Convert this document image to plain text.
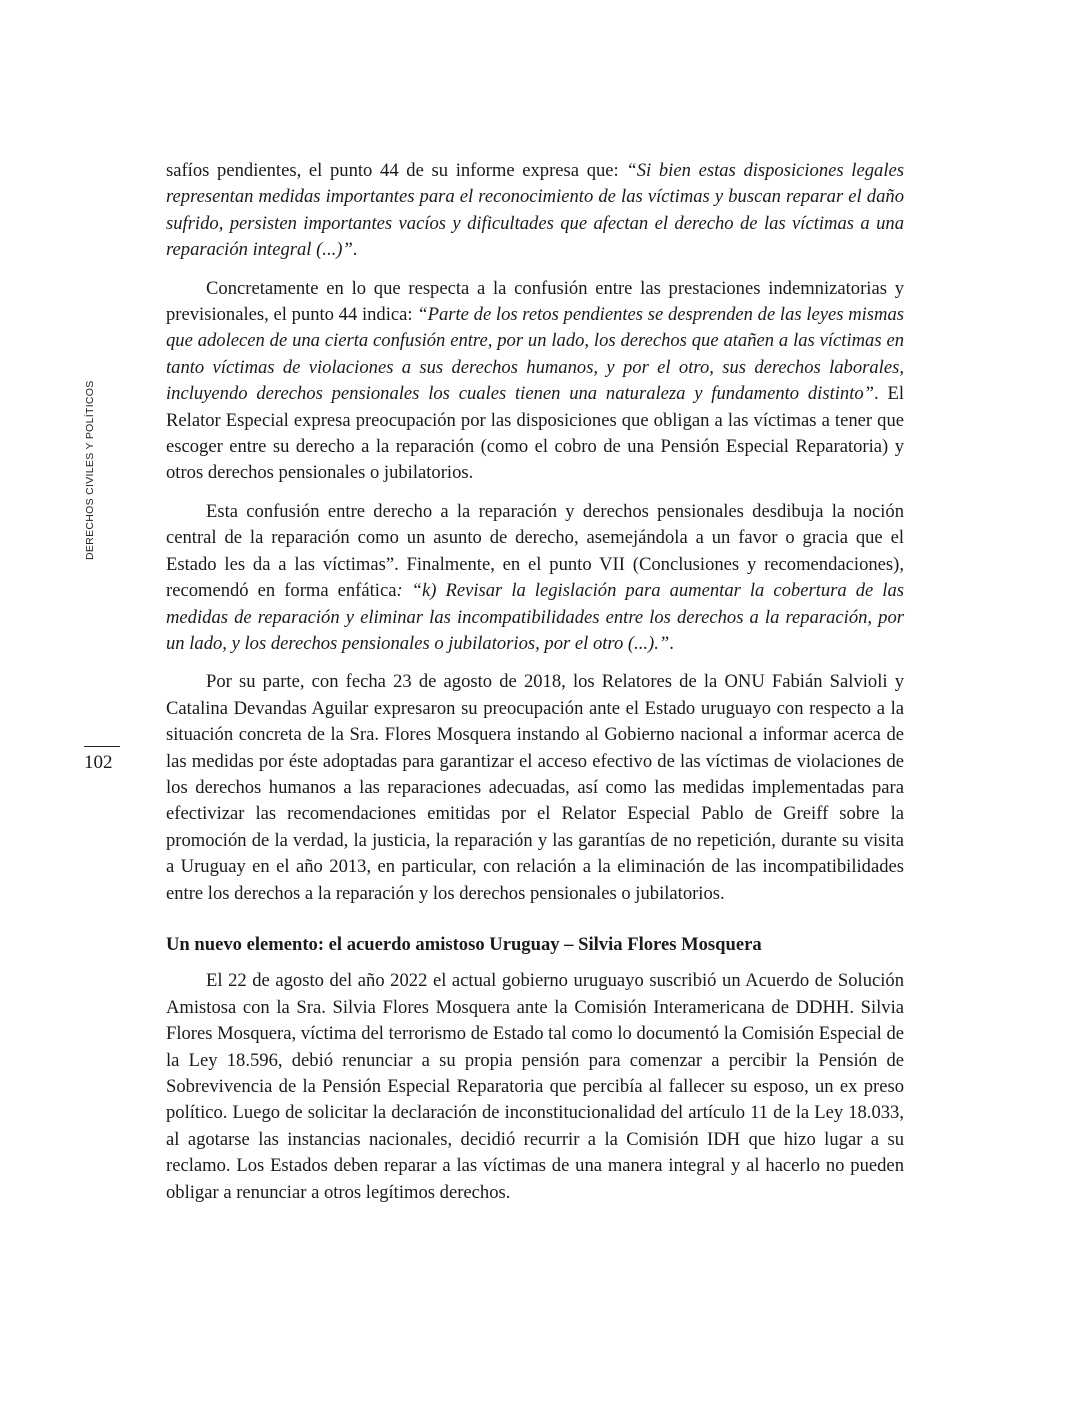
DERECHOS CIVILES Y POLÍTICOS
102

safíos pendientes, el punto 44 de su informe expresa que: “Si bien estas disposiciones legales representan medidas importantes para el reconocimiento de las víctimas y buscan reparar el daño sufrido, persisten importantes vacíos y dificultades que afectan el derecho de las víctimas a una reparación integral (...)”.

Concretamente en lo que respecta a la confusión entre las prestaciones indemnizatorias y previsionales, el punto 44 indica: “Parte de los retos pendientes se desprenden de las leyes mismas que adolecen de una cierta confusión entre, por un lado, los derechos que atañen a las víctimas en tanto víctimas de violaciones a sus derechos humanos, y por el otro, sus derechos laborales, incluyendo derechos pensionales los cuales tienen una naturaleza y fundamento distinto”. El Relator Especial expresa preocupación por las disposiciones que obligan a las víctimas a tener que escoger entre su derecho a la reparación (como el cobro de una Pensión Especial Reparatoria) y otros derechos pensionales o jubilatorios.

Esta confusión entre derecho a la reparación y derechos pensionales desdibuja la noción central de la reparación como un asunto de derecho, asemejándola a un favor o gracia que el Estado les da a las víctimas”. Finalmente, en el punto VII (Conclusiones y recomendaciones), recomendó en forma enfática: “k) Revisar la legislación para aumentar la cobertura de las medidas de reparación y eliminar las incompatibilidades entre los derechos a la reparación, por un lado, y los derechos pensionales o jubilatorios, por el otro (...).”.

Por su parte, con fecha 23 de agosto de 2018, los Relatores de la ONU Fabián Salvioli y Catalina Devandas Aguilar expresaron su preocupación ante el Estado uruguayo con respecto a la situación concreta de la Sra. Flores Mosquera instando al Gobierno nacional a informar acerca de las medidas por éste adoptadas para garantizar el acceso efectivo de las víctimas de violaciones de los derechos humanos a las reparaciones adecuadas, así como las medidas implementadas para efectivizar las recomendaciones emitidas por el Relator Especial Pablo de Greiff sobre la promoción de la verdad, la justicia, la reparación y las garantías de no repetición, durante su visita a Uruguay en el año 2013, en particular, con relación a la eliminación de las incompatibilidades entre los derechos a la reparación y los derechos pensionales o jubilatorios.

Un nuevo elemento: el acuerdo amistoso Uruguay – Silvia Flores Mosquera

El 22 de agosto del año 2022 el actual gobierno uruguayo suscribió un Acuerdo de Solución Amistosa con la Sra. Silvia Flores Mosquera ante la Comisión Interamericana de DDHH. Silvia Flores Mosquera, víctima del terrorismo de Estado tal como lo documentó la Comisión Especial de la Ley 18.596, debió renunciar a su propia pensión para comenzar a percibir la Pensión de Sobrevivencia de la Pensión Especial Reparatoria que percibía al fallecer su esposo, un ex preso político. Luego de solicitar la declaración de inconstitucionalidad del artículo 11 de la Ley 18.033, al agotarse las instancias nacionales, decidió recurrir a la Comisión IDH que hizo lugar a su reclamo. Los Estados deben reparar a las víctimas de una manera integral y al hacerlo no pueden obligar a renunciar a otros legítimos derechos.
